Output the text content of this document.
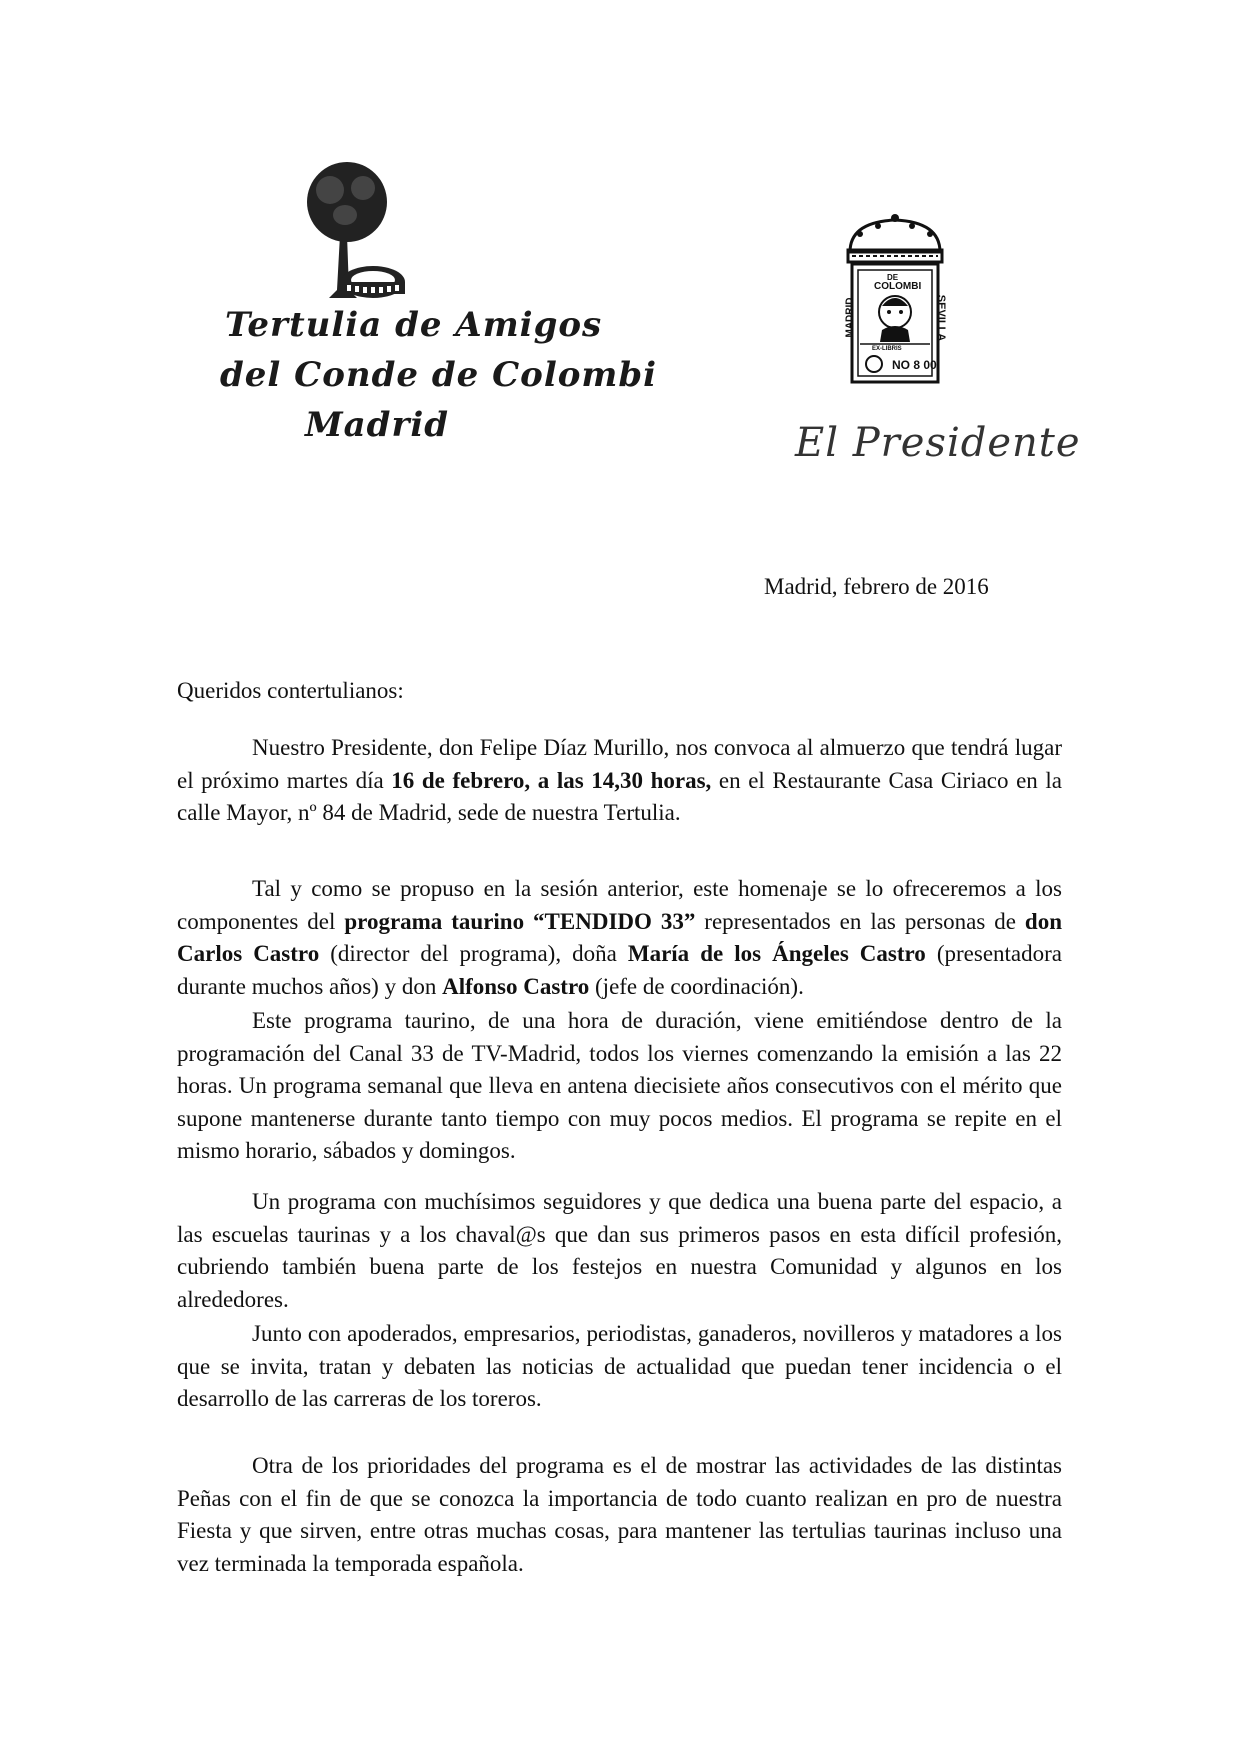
Tertulia de Amigos
del Conde de Colombi
Madrid
DE
COLOMBI
MADRID	SEVILLA
EX-LIBRIS
NO 8 00
El Presidente
Madrid, febrero de 2016
Queridos contertulianos:

Nuestro Presidente, don Felipe Díaz Murillo, nos convoca al almuerzo que tendrá lugar el próximo martes día 16 de febrero, a las 14,30 horas, en el Restaurante Casa Ciriaco en la calle Mayor, nº 84 de Madrid, sede de nuestra Tertulia.

Tal y como se propuso en la sesión anterior, este homenaje se lo ofreceremos a los componentes del programa taurino “TENDIDO 33” representados en las personas de don Carlos Castro (director del programa), doña María de los Ángeles Castro (presentadora durante muchos años) y don Alfonso Castro (jefe de coordinación).

Este programa taurino, de una hora de duración, viene emitiéndose dentro de la programación del Canal 33 de TV-Madrid, todos los viernes comenzando la emisión a las 22 horas. Un programa semanal que lleva en antena diecisiete años consecutivos con el mérito que supone mantenerse durante tanto tiempo con muy pocos medios. El programa se repite en el mismo horario, sábados y domingos.

Un programa con muchísimos seguidores y que dedica una buena parte del espacio, a las escuelas taurinas y a los chaval@s que dan sus primeros pasos en esta difícil profesión, cubriendo también buena parte de los festejos en nuestra Comunidad y algunos en los alrededores.

Junto con apoderados, empresarios, periodistas, ganaderos, novilleros y matadores a los que se invita, tratan y debaten las noticias de actualidad que puedan tener incidencia o el desarrollo de las carreras de los toreros.

Otra de los prioridades del programa es el de mostrar las actividades de las distintas Peñas con el fin de que se conozca la importancia de todo cuanto realizan en pro de nuestra Fiesta y que sirven, entre otras muchas cosas, para mantener las tertulias taurinas incluso una vez terminada la temporada española.
